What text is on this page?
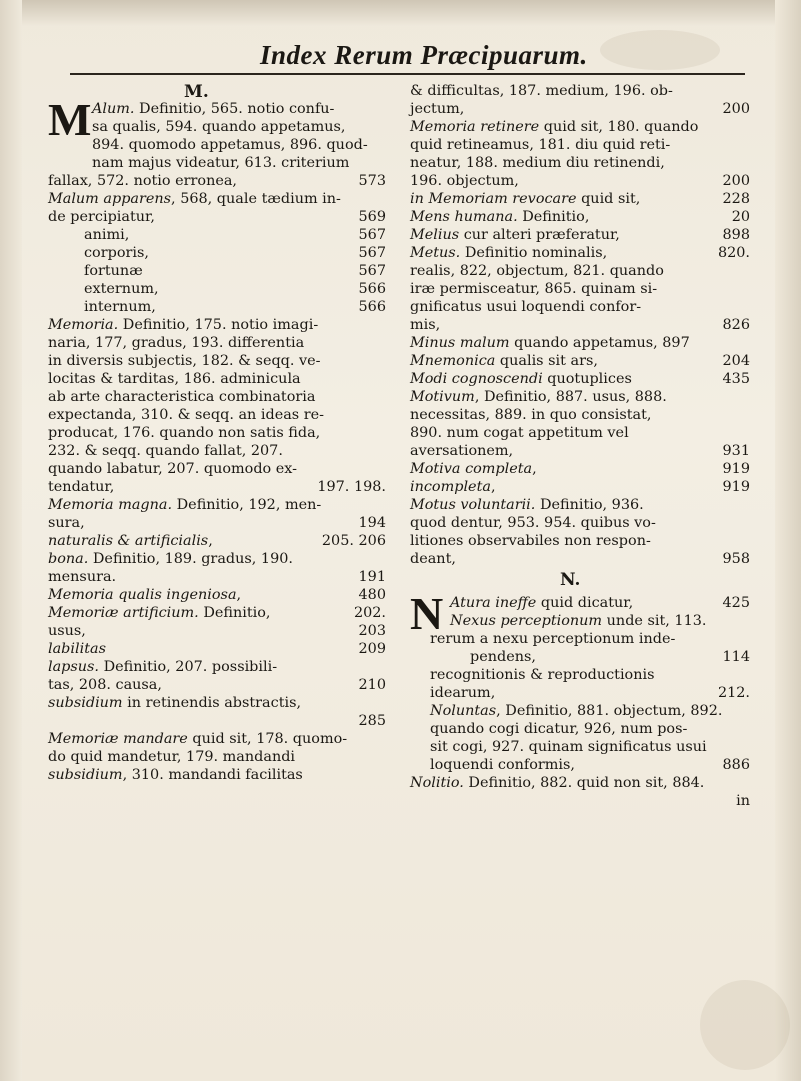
Index Rerum Præcipuarum.
M.
M Alum. Definitio, 565. notio confu-
sa qualis, 594. quando appetamus,
894. quomodo appetamus, 896. quod-
nam majus videatur, 613. criterium
fallax, 572. notio erronea,	573
Malum apparens, 568, quale tædium in-
de percipiatur,	569
animi,	567
corporis,	567
fortunæ	567
externum,	566
internum,	566
Memoria. Definitio, 175. notio imagi-
naria, 177, gradus, 193. differentia
in diversis subjectis, 182. & seqq. ve-
locitas & tarditas, 186. adminicula
ab arte characteristica combinatoria
expectanda, 310. & seqq. an ideas re-
producat, 176. quando non satis fida,
232. & seqq. quando fallat, 207.
quando labatur, 207. quomodo ex-
tendatur,	197. 198.
Memoria magna. Definitio, 192, men-
sura,	194
naturalis & artificialis,	205. 206
bona. Definitio, 189. gradus, 190.
mensura.	191
Memoria qualis ingeniosa,	480
Memoriæ artificium. Definitio,	202.
usus,	203
labilitas	209
lapsus. Definitio, 207. possibili-
tas, 208. causa,	210
subsidium in retinendis abstractis,
285
Memoriæ mandare quid sit, 178. quomo-
do quid mandetur, 179. mandandi
subsidium, 310. mandandi facilitas
& difficultas, 187. medium, 196. ob-
jectum,	200
Memoria retinere quid sit, 180. quando
quid retineamus, 181. diu quid reti-
neatur, 188. medium diu retinendi,
196. objectum,	200
in Memoriam revocare quid sit,	228
Mens humana. Definitio,	20
Melius cur alteri præferatur,	898
Metus. Definitio nominalis,	820.
realis, 822, objectum, 821. quando
iræ permisceatur, 865. quinam si-
gnificatus usui loquendi confor-
mis,	826
Minus malum quando appetamus, 897
Mnemonica qualis sit ars,	204
Modi cognoscendi quotuplices	435
Motivum, Definitio, 887. usus, 888.
necessitas, 889. in quo consistat,
890. num cogat appetitum vel
aversationem,	931
Motiva completa,	919
incompleta,	919
Motus voluntarii. Definitio, 936.
quod dentur, 953. 954. quibus vo-
litiones observabiles non respon-
deant,	958
N.
N Atura ineffe quid dicatur,	425
Nexus perceptionum unde sit, 113.
rerum a nexu perceptionum inde-
pendens,	114
recognitionis & reproductionis
idearum,	212.
Noluntas, Definitio, 881. objectum, 892.
quando cogi dicatur, 926, num pos-
sit cogi, 927. quinam significatus usui
loquendi conformis,	886
Nolitio. Definitio, 882. quid non sit, 884.
in
